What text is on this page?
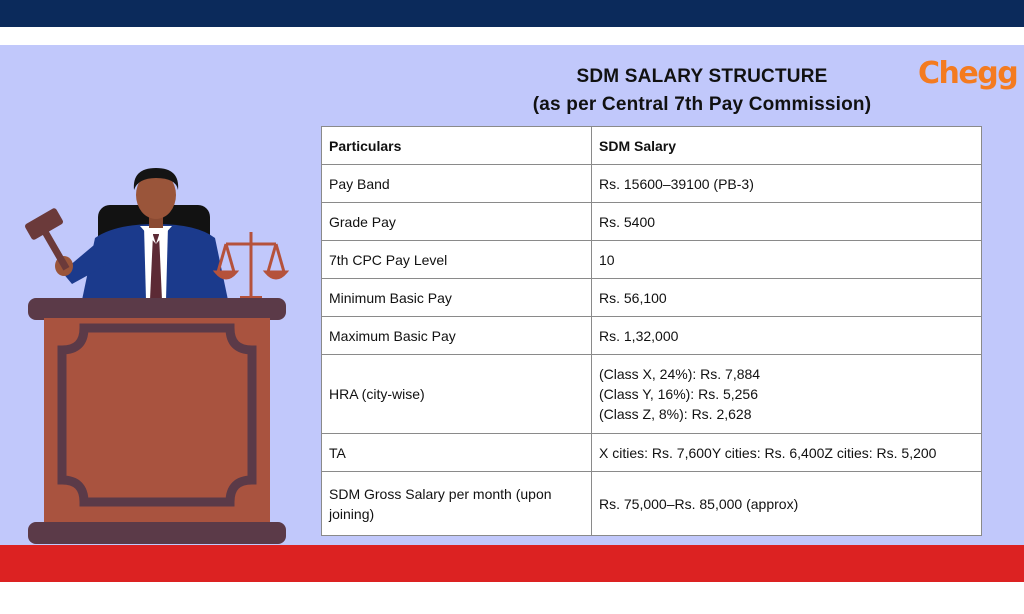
SDM SALARY STRUCTURE
(as per Central 7th Pay Commission)
Chegg
Particulars	SDM Salary
Pay Band	Rs. 15600–39100 (PB-3)
Grade Pay	Rs. 5400
7th CPC Pay Level	10
Minimum Basic Pay	Rs. 56,100
Maximum Basic Pay	Rs. 1,32,000
HRA (city-wise)	(Class X, 24%): Rs. 7,884
(Class Y, 16%): Rs. 5,256
(Class Z, 8%): Rs. 2,628

TA	X cities: Rs. 7,600Y cities: Rs. 6,400Z cities: Rs. 5,200
SDM Gross Salary per month (upon joining)	Rs. 75,000–Rs. 85,000 (approx)
